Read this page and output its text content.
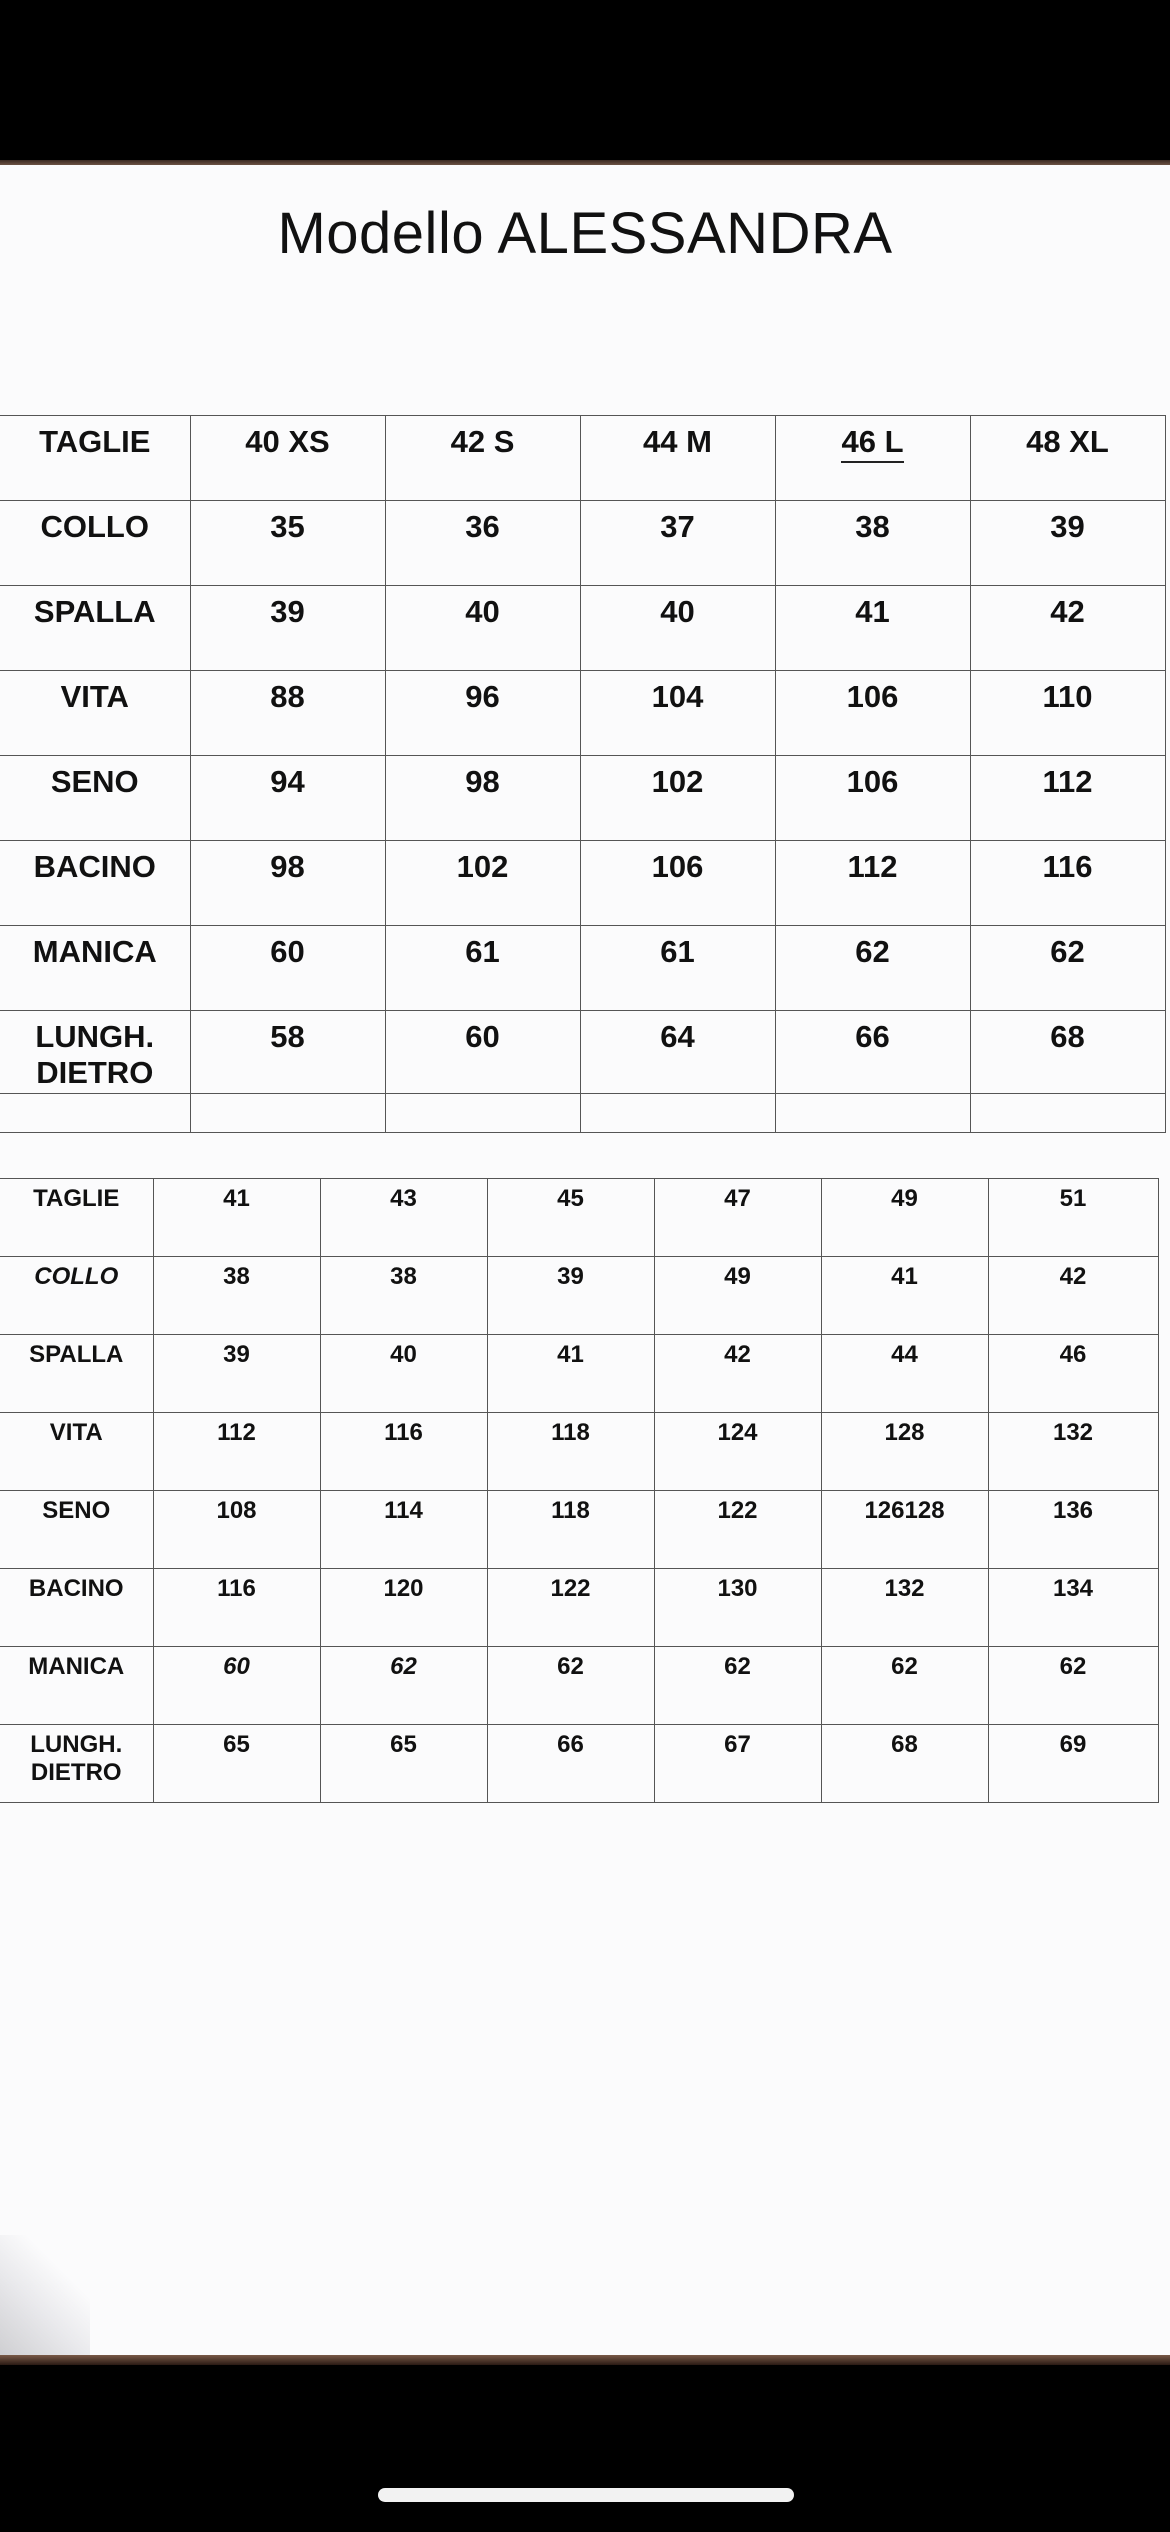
Modello ALESSANDRA
TAGLIE	40 XS	42 S	44 M	46 L	48 XL
COLLO	35	36	37	38	39
SPALLA	39	40	40	41	42
VITA	88	96	104	106	110
SENO	94	98	102	106	112
BACINO	98	102	106	112	116
MANICA	60	61	61	62	62
LUNGH.
DIETRO	58	60	64	66	68

TAGLIE	41	43	45	47	49	51
COLLO	38	38	39	49	41	42
SPALLA	39	40	41	42	44	46
VITA	112	116	118	124	128	132
SENO	108	114	118	122	126128	136
BACINO	116	120	122	130	132	134
MANICA	60	62	62	62	62	62
LUNGH.
DIETRO	65	65	66	67	68	69
